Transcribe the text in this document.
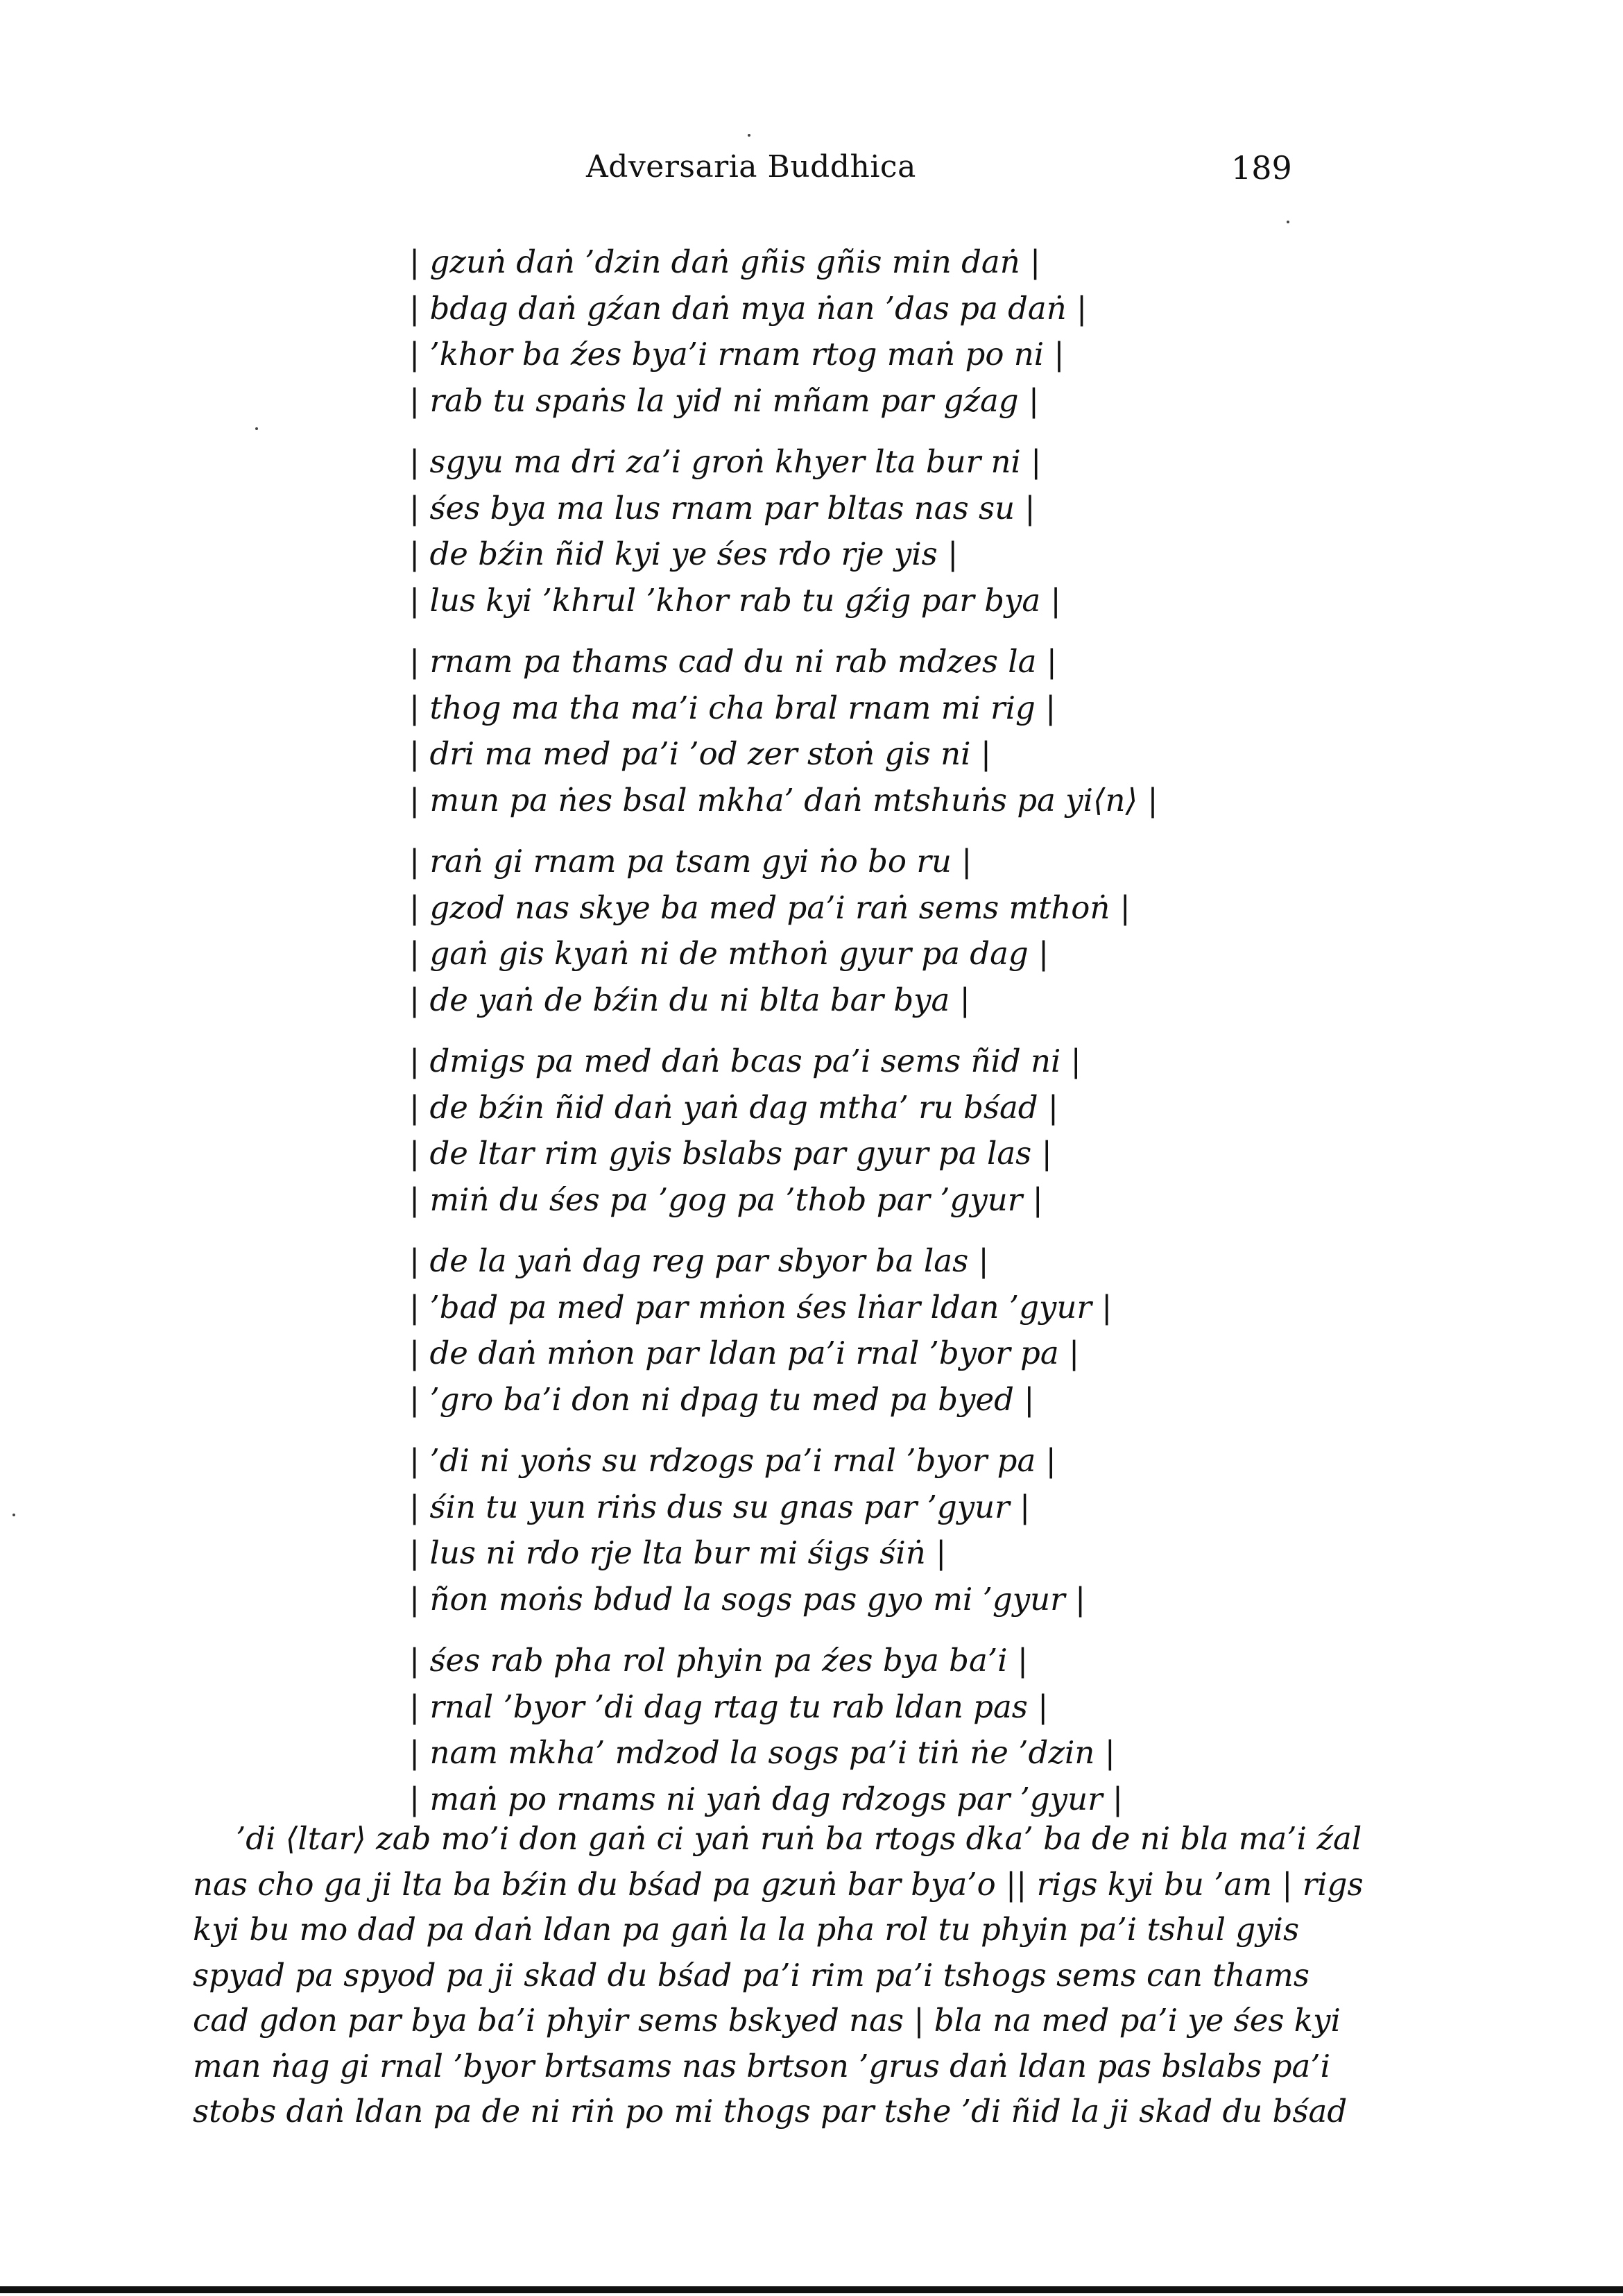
Adversaria Buddhica	189
| gzuṅ daṅ ’dzin daṅ gñis gñis min daṅ |
| bdag daṅ gźan daṅ mya ṅan ’das pa daṅ |
| ’khor ba źes bya’i rnam rtog maṅ po ni |
| rab tu spaṅs la yid ni mñam par gźag |
| sgyu ma dri za’i groṅ khyer lta bur ni |
| śes bya ma lus rnam par bltas nas su |
| de bźin ñid kyi ye śes rdo rje yis |
| lus kyi ’khrul ’khor rab tu gźig par bya |
| rnam pa thams cad du ni rab mdzes la |
| thog ma tha ma’i cha bral rnam mi rig |
| dri ma med pa’i ’od zer stoṅ gis ni |
| mun pa ṅes bsal mkha’ daṅ mtshuṅs pa yi⟨n⟩ |
| raṅ gi rnam pa tsam gyi ṅo bo ru |
| gzod nas skye ba med pa’i raṅ sems mthoṅ |
| gaṅ gis kyaṅ ni de mthoṅ gyur pa dag |
| de yaṅ de bźin du ni blta bar bya |
| dmigs pa med daṅ bcas pa’i sems ñid ni |
| de bźin ñid daṅ yaṅ dag mtha’ ru bśad |
| de ltar rim gyis bslabs par gyur pa las |
| miṅ du śes pa ’gog pa ’thob par ’gyur |
| de la yaṅ dag reg par sbyor ba las |
| ’bad pa med par mṅon śes lṅar ldan ’gyur |
| de daṅ mṅon par ldan pa’i rnal ’byor pa |
| ’gro ba’i don ni dpag tu med pa byed |
| ’di ni yoṅs su rdzogs pa’i rnal ’byor pa |
| śin tu yun riṅs dus su gnas par ’gyur |
| lus ni rdo rje lta bur mi śigs śiṅ |
| ñon moṅs bdud la sogs pas gyo mi ’gyur |
| śes rab pha rol phyin pa źes bya ba’i |
| rnal ’byor ’di dag rtag tu rab ldan pas |
| nam mkha’ mdzod la sogs pa’i tiṅ ṅe ’dzin |
| maṅ po rnams ni yaṅ dag rdzogs par ’gyur |
’di ⟨ltar⟩ zab mo’i don gaṅ ci yaṅ ruṅ ba rtogs dka’ ba de ni bla ma’i źal
nas cho ga ji lta ba bźin du bśad pa gzuṅ bar bya’o || rigs kyi bu ’am | rigs
kyi bu mo dad pa daṅ ldan pa gaṅ la la pha rol tu phyin pa’i tshul gyis
spyad pa spyod pa ji skad du bśad pa’i rim pa’i tshogs sems can thams
cad gdon par bya ba’i phyir sems bskyed nas | bla na med pa’i ye śes kyi
man ṅag gi rnal ’byor brtsams nas brtson ’grus daṅ ldan pas bslabs pa’i
stobs daṅ ldan pa de ni riṅ po mi thogs par tshe ’di ñid la ji skad du bśad
